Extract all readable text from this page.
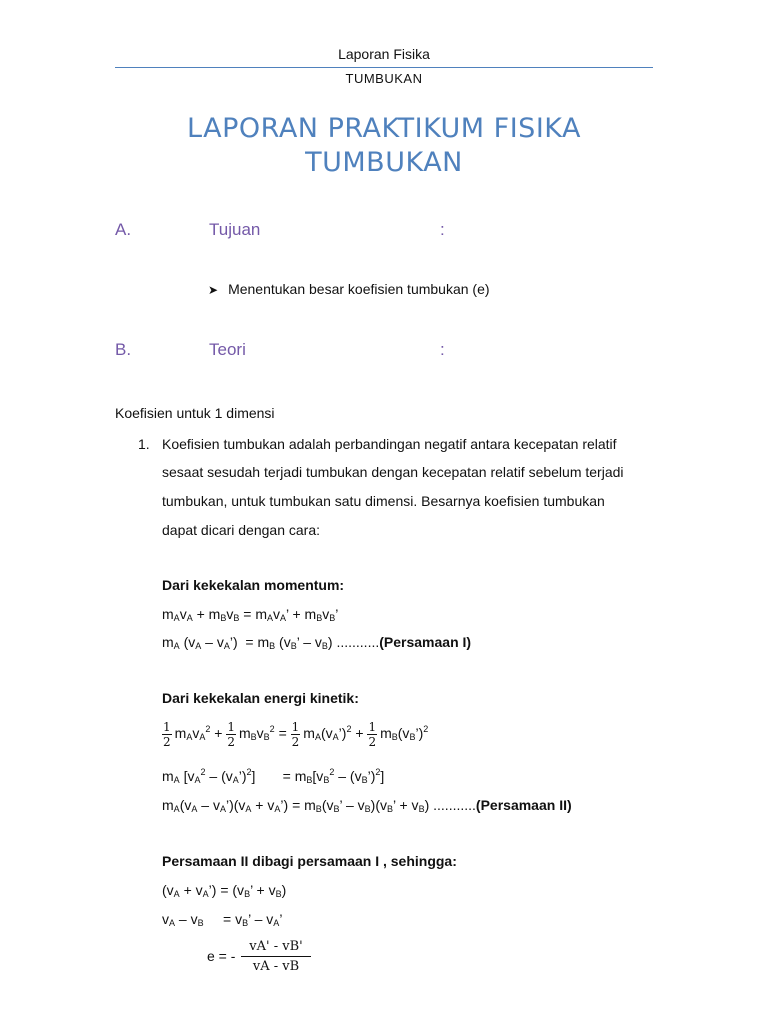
Laporan Fisika
TUMBUKAN
LAPORAN PRAKTIKUM FISIKA
TUMBUKAN
A.	Tujuan	:
➤ Menentukan besar koefisien tumbukan (e)
B.	Teori	:
Koefisien untuk 1 dimensi
1. Koefisien tumbukan adalah perbandingan negatif antara kecepatan relatif
sesaat sesudah terjadi tumbukan dengan kecepatan relatif sebelum terjadi
tumbukan, untuk tumbukan satu dimensi. Besarnya koefisien tumbukan
dapat dicari dengan cara:
Dari kekekalan momentum:
$m_Av_A + m_Bv_B = m_Av_A$’ + $m_Bv_B$’
$m_A$ ($v_A$ – $v_A’) = m_B$ ($v_B$’ – $v_B$) ...........(Persamaan I)
Dari kekekalan energi kinetik:
$\frac{1}{2} m_Av_A^2 + \frac{1}{2} m_Bv_B^2 = \frac{1}{2}$ $m_A(v_A’)^2 + \frac{1}{2}$ $m_B(v_B’)^2$
$m_A$ [$v_A^2$ – $(v_A’)^2$]       = $m_B[v_B^2$ – $(v_B’)^2$]
$m_A(v_A$ – $v_A’)(v_A$ + $v_A’) = m_B(v_B$’ – $v_B)(v_B$’ + $v_B$) ...........(Persamaan II)
Persamaan II dibagi persamaan I , sehingga:
($v_A$ + $v_A’) = (v_B$’ + $v_B$)
$v_A - v_B$     = $v_B$’ – $v_A$’
e = - $\frac{vA' - vB'}{vA - vB}$
